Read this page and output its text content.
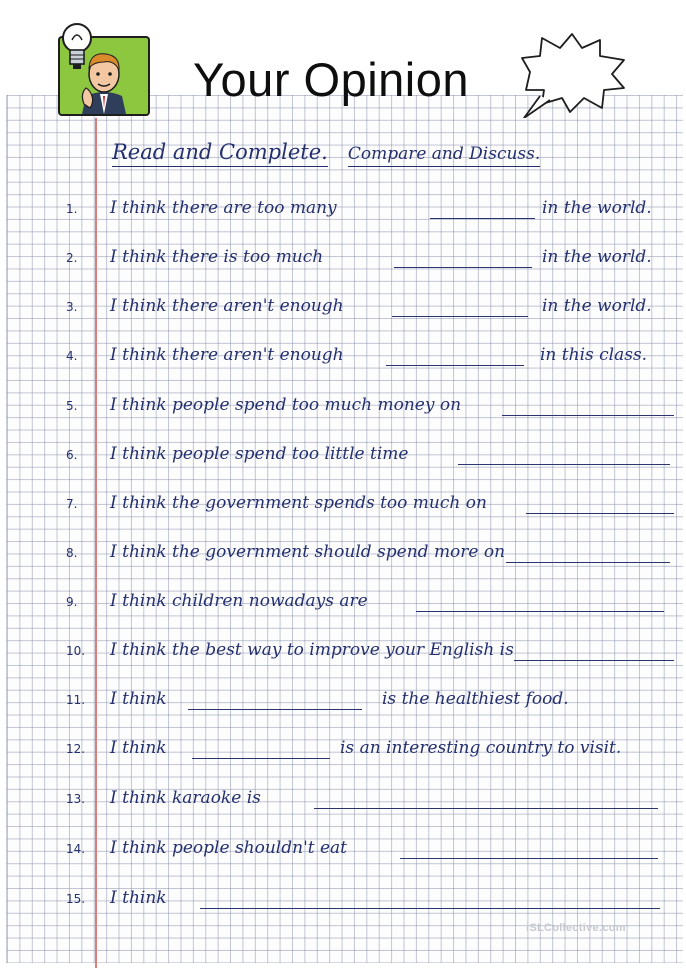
Your Opinion
Read and Complete. Compare and Discuss.
1.	I think there are too many	in the world.
2.	I think there is too much	in the world.
3.	I think there aren't enough	in the world.
4.	I think there aren't enough	in this class.
5.	I think people spend too much money on
6.	I think people spend too little time
7.	I think the government spends too much on
8.	I think the government should spend more on
9.	I think children nowadays are
10. I think the best way to improve your English is
11. I think	is the healthiest food.
12. I think	is an interesting country to visit.
13. I think karaoke is
14. I think people shouldn't eat
15. I think
iSLCollective.com
